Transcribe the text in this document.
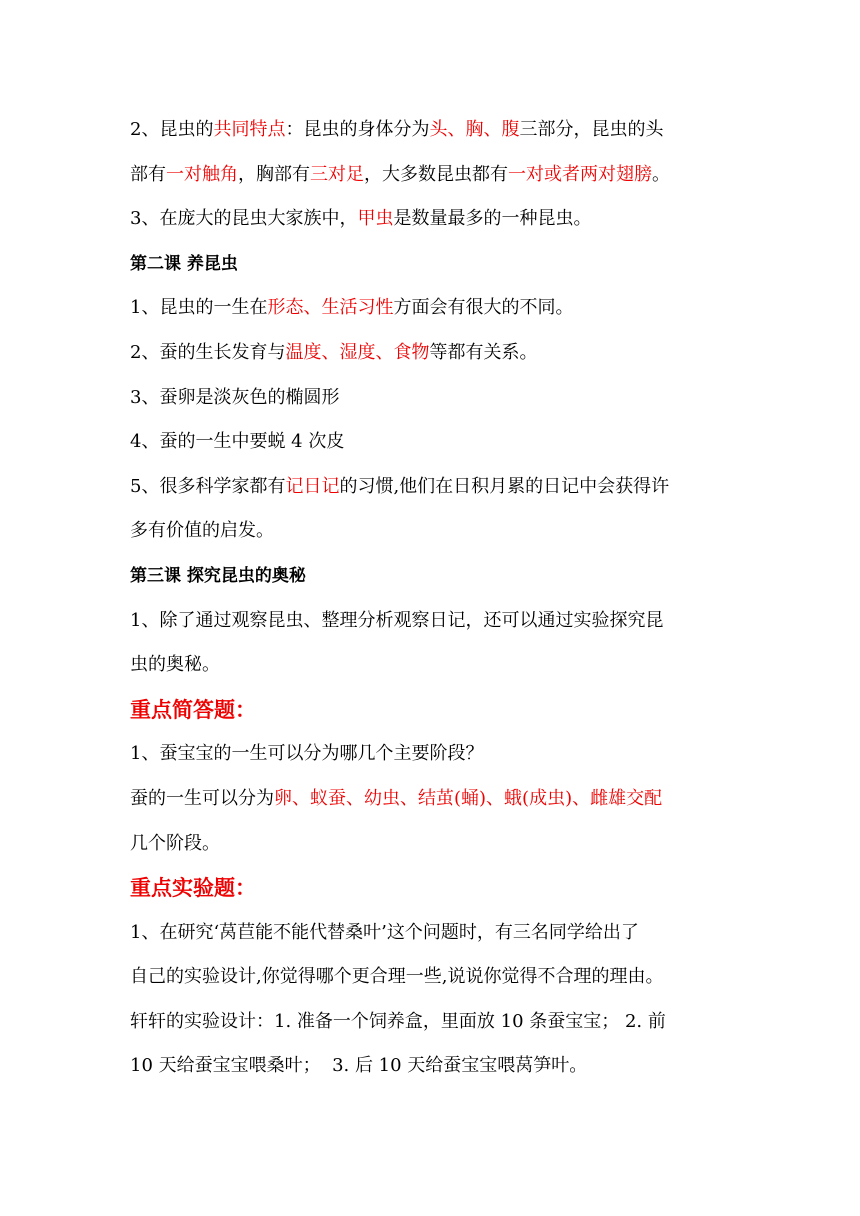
2、昆虫的共同特点：昆虫的身体分为头、胸、腹三部分，昆虫的头
部有一对触角，胸部有三对足，大多数昆虫都有一对或者两对翅膀。
3、在庞大的昆虫大家族中，甲虫是数量最多的一种昆虫。
第二课 养昆虫
1、昆虫的一生在形态、生活习性方面会有很大的不同。
2、蚕的生长发育与温度、湿度、食物等都有关系。
3、蚕卵是淡灰色的椭圆形
4、蚕的一生中要蜕 4 次皮
5、很多科学家都有记日记的习惯,他们在日积月累的日记中会获得许
多有价值的启发。
第三课 探究昆虫的奥秘
1、除了通过观察昆虫、整理分析观察日记，还可以通过实验探究昆
虫的奥秘。
重点简答题：
1、蚕宝宝的一生可以分为哪几个主要阶段？
蚕的一生可以分为卵、蚁蚕、幼虫、结茧(蛹)、蛾(成虫)、雌雄交配
几个阶段。
重点实验题：
1、在研究‘莴苣能不能代替桑叶’这个问题时，有三名同学给出了
自己的实验设计,你觉得哪个更合理一些,说说你觉得不合理的理由。
轩轩的实验设计：1. 准备一个饲养盒，里面放 10 条蚕宝宝； 2. 前
10 天给蚕宝宝喂桑叶；  3. 后 10 天给蚕宝宝喂莴笋叶。
